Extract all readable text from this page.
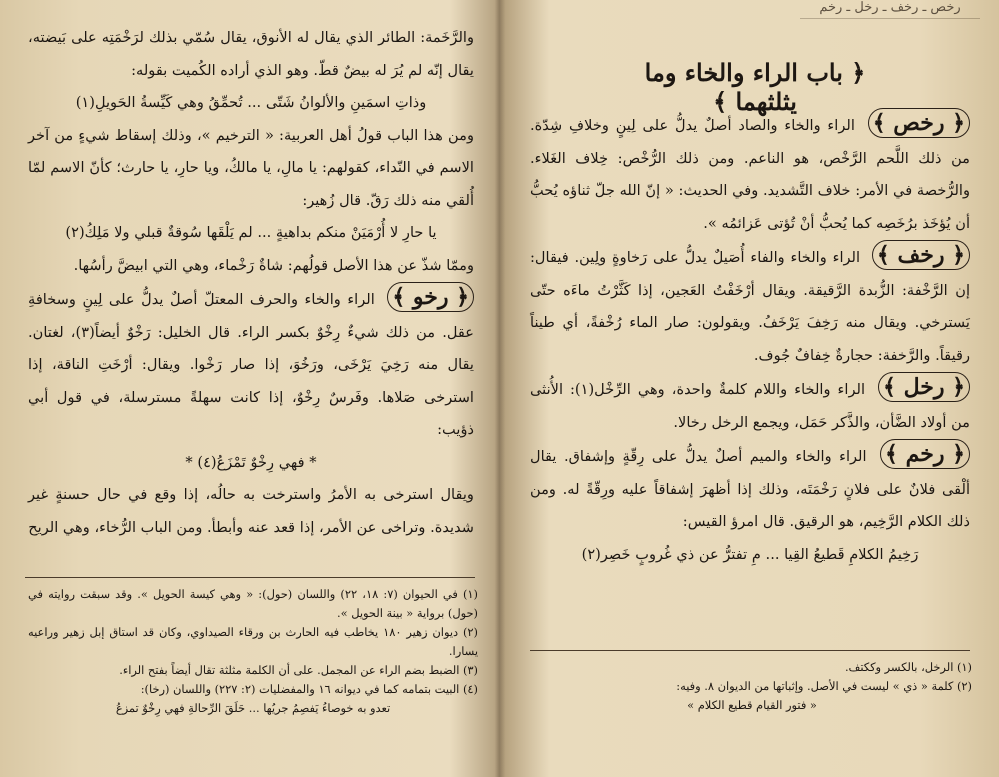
والرَّخَمة: الطائر الذي يقال له الأنوق، يقال سُمّي بذلك لرَخْمَتِه على بَيضته، يقال إنّه لم يُرَ له بيضٌ قطّ. وهو الذي أراده الكُميت بقوله:

وذاتِ اسمَينِ والألوانُ شَتّى ... تُحمِّقُ وهي كَيِّسةُ الحَويلِ(١)

ومن هذا الباب قولُ أهل العربية: « الترخيم »، وذلك إسقاط شيءٍ من آخر الاسم في النّداء، كقولهم: يا مالِ، يا مالكُ، ويا حارِ، يا حارث؛ كأنّ الاسم لمّا أُلقي منه ذلك رَقّ. قال زُهير:

يا حارِ لا أُرْمَيَنْ منكم بداهيةٍ ... لم يَلْقَها سُوقةٌ قبلي ولا مَلِكُ(٢)

وممّا شذّ عن هذا الأصل قولُهم: شاةٌ رَخْماء، وهي التي ابيضَّ رأسُها.

﴿ رخو ﴾ الراء والخاء والحرف المعتلّ أصلٌ يدلُّ على لِينٍ وسخافةِ عقل. من ذلك شيءٌ رِخْوٌ بكسر الراء. قال الخليل: رَخْوٌ أيضاً(٣)، لغتان. يقال منه رَخِيَ يَرْخَى، ورَخُوَ، إذا صار رَخْوا. ويقال: أرْخَتِ الناقة، إذا استرخى صَلاها. وفَرسٌ رِخْوٌ، إذا كانت سهلةً مسترسلة، في قول أبي ذؤيب:

* فهي رِخْوٌ تَمْزَعُ(٤) *

ويقال استرخى به الأمرُ واسترخت به حالُه، إذا وقع في حال حسنةٍ غير شديدة. وتراخى عن الأمر، إذا قعد عنه وأبطأ. ومن الباب الرُّخاء، وهي الريح

(١) في الحيوان (٧: ١٨، ٢٢) واللسان (حول): « وهي كيسة الحويل ». وقد سبقت روايته في (حول) برواية « بينة الحويل ».

(٢) ديوان زهير ١٨٠ يخاطب فيه الحارث بن ورقاء الصيداوي، وكان قد استاق إبل زهير وراعيه يسارا.

(٣) الضبط بضم الراء عن المجمل. على أن الكلمة مثلثة تقال أيضاً بفتح الراء.

(٤) البيت بتمامه كما في ديوانه ١٦ والمفضليات (٢: ٢٢٧) واللسان (رخا):

تعدو به خوصاءُ يَفصِمُ جريُها ... حَلَقَ الرِّحالةِ فهي رِخْوٌ تمزعُ

رخص ـ رخف ـ رخل ـ رخم
﴿ باب الراء والخاء وما يثلثهما ﴾

﴿ رخص ﴾ الراء والخاء والصاد أصلٌ يدلُّ على لِينٍ وخلافِ شِدّة. من ذلك اللَّحم الرَّخْص، هو الناعم. ومن ذلك الرُّخْص: خِلاف الغَلاء. والرُّخصة في الأمر: خلاف التَّشديد. وفي الحديث: « إنّ الله جلّ ثناؤه يُحبُّ أن يُؤخَذ برُخَصِه كما يُحبُّ أنْ تُؤتى عَزائمُه ».

﴿ رخف ﴾ الراء والخاء والفاء أُصَيلٌ يدلُّ على رَخاوةٍ ولِين. فيقال: إن الرَّخْفة: الزُّبدة الرَّقيقة. ويقال أرْخَفْتُ العَجين، إذا كَثَّرْتُ ماءَه حتّى يَسترخي. ويقال منه رَخِفَ يَرْخَفُ. ويقولون: صار الماء رُخْفةً، أي طيناً رقيقاً. والرَّخفة: حجارةٌ خِفافٌ جُوف.

﴿ رخل ﴾ الراء والخاء واللام كلمةٌ واحدة، وهي الرِّخْل(١): الأُنثى من أولاد الضَّأن، والذَّكر حَمَل، ويجمع الرخل رخالا.

﴿ رخم ﴾ الراء والخاء والميم أصلٌ يدلُّ على رِقّةٍ وإشفاق. يقال ألْقى فلانٌ على فلانٍ رَخْمَتَه، وذلك إذا أظهرَ إشفاقاً عليه ورِقّةً له. ومن ذلك الكلام الرَّخِيم، هو الرقيق. قال امرؤ القيس:

رَخِيمُ الكلامِ قَطيعُ القِيا ... مِ تفترُّ عن ذي غُروبٍ خَصِر(٢)

(١) الرخل، بالكسر وككتف.

(٢) كلمة « ذي » ليست في الأصل. وإثباتها من الديوان ٨. وفيه:

« فتور القيام قطيع الكلام »
